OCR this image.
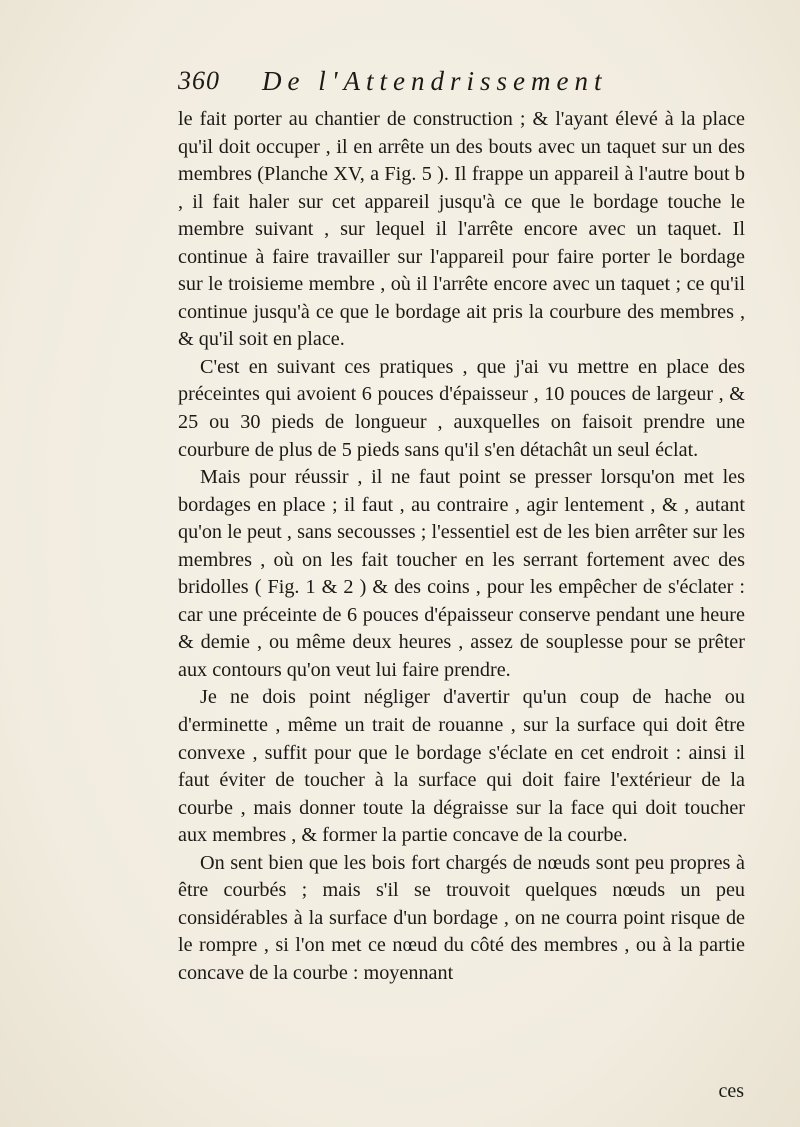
360 De l'Attendrissement

le fait porter au chantier de construction ; & l'ayant élevé à la place qu'il doit occuper , il en arrête un des bouts avec un taquet sur un des membres (Planche XV, a Fig. 5 ). Il frappe un appareil à l'autre bout b , il fait haler sur cet appareil jusqu'à ce que le bordage touche le membre suivant , sur lequel il l'arrête encore avec un taquet. Il continue à faire travailler sur l'appareil pour faire porter le bordage sur le troisieme membre , où il l'arrête encore avec un taquet ; ce qu'il continue jusqu'à ce que le bordage ait pris la courbure des membres , & qu'il soit en place.

C'est en suivant ces pratiques , que j'ai vu mettre en place des préceintes qui avoient 6 pouces d'épaisseur , 10 pouces de largeur , & 25 ou 30 pieds de longueur , auxquelles on faisoit prendre une courbure de plus de 5 pieds sans qu'il s'en détachât un seul éclat.

Mais pour réussir , il ne faut point se presser lorsqu'on met les bordages en place ; il faut , au contraire , agir lentement , & , autant qu'on le peut , sans secousses ; l'essentiel est de les bien arrêter sur les membres , où on les fait toucher en les serrant fortement avec des bridolles ( Fig. 1 & 2 ) & des coins , pour les empêcher de s'éclater : car une préceinte de 6 pouces d'épaisseur conserve pendant une heure & demie , ou même deux heures , assez de souplesse pour se prêter aux contours qu'on veut lui faire prendre.

Je ne dois point négliger d'avertir qu'un coup de hache ou d'erminette , même un trait de rouanne , sur la surface qui doit être convexe , suffit pour que le bordage s'éclate en cet endroit : ainsi il faut éviter de toucher à la surface qui doit faire l'extérieur de la courbe , mais donner toute la dégraisse sur la face qui doit toucher aux membres , & former la partie concave de la courbe.

On sent bien que les bois fort chargés de nœuds sont peu propres à être courbés ; mais s'il se trouvoit quelques nœuds un peu considérables à la surface d'un bordage , on ne courra point risque de le rompre , si l'on met ce nœud du côté des membres , ou à la partie concave de la courbe : moyennant

ces
